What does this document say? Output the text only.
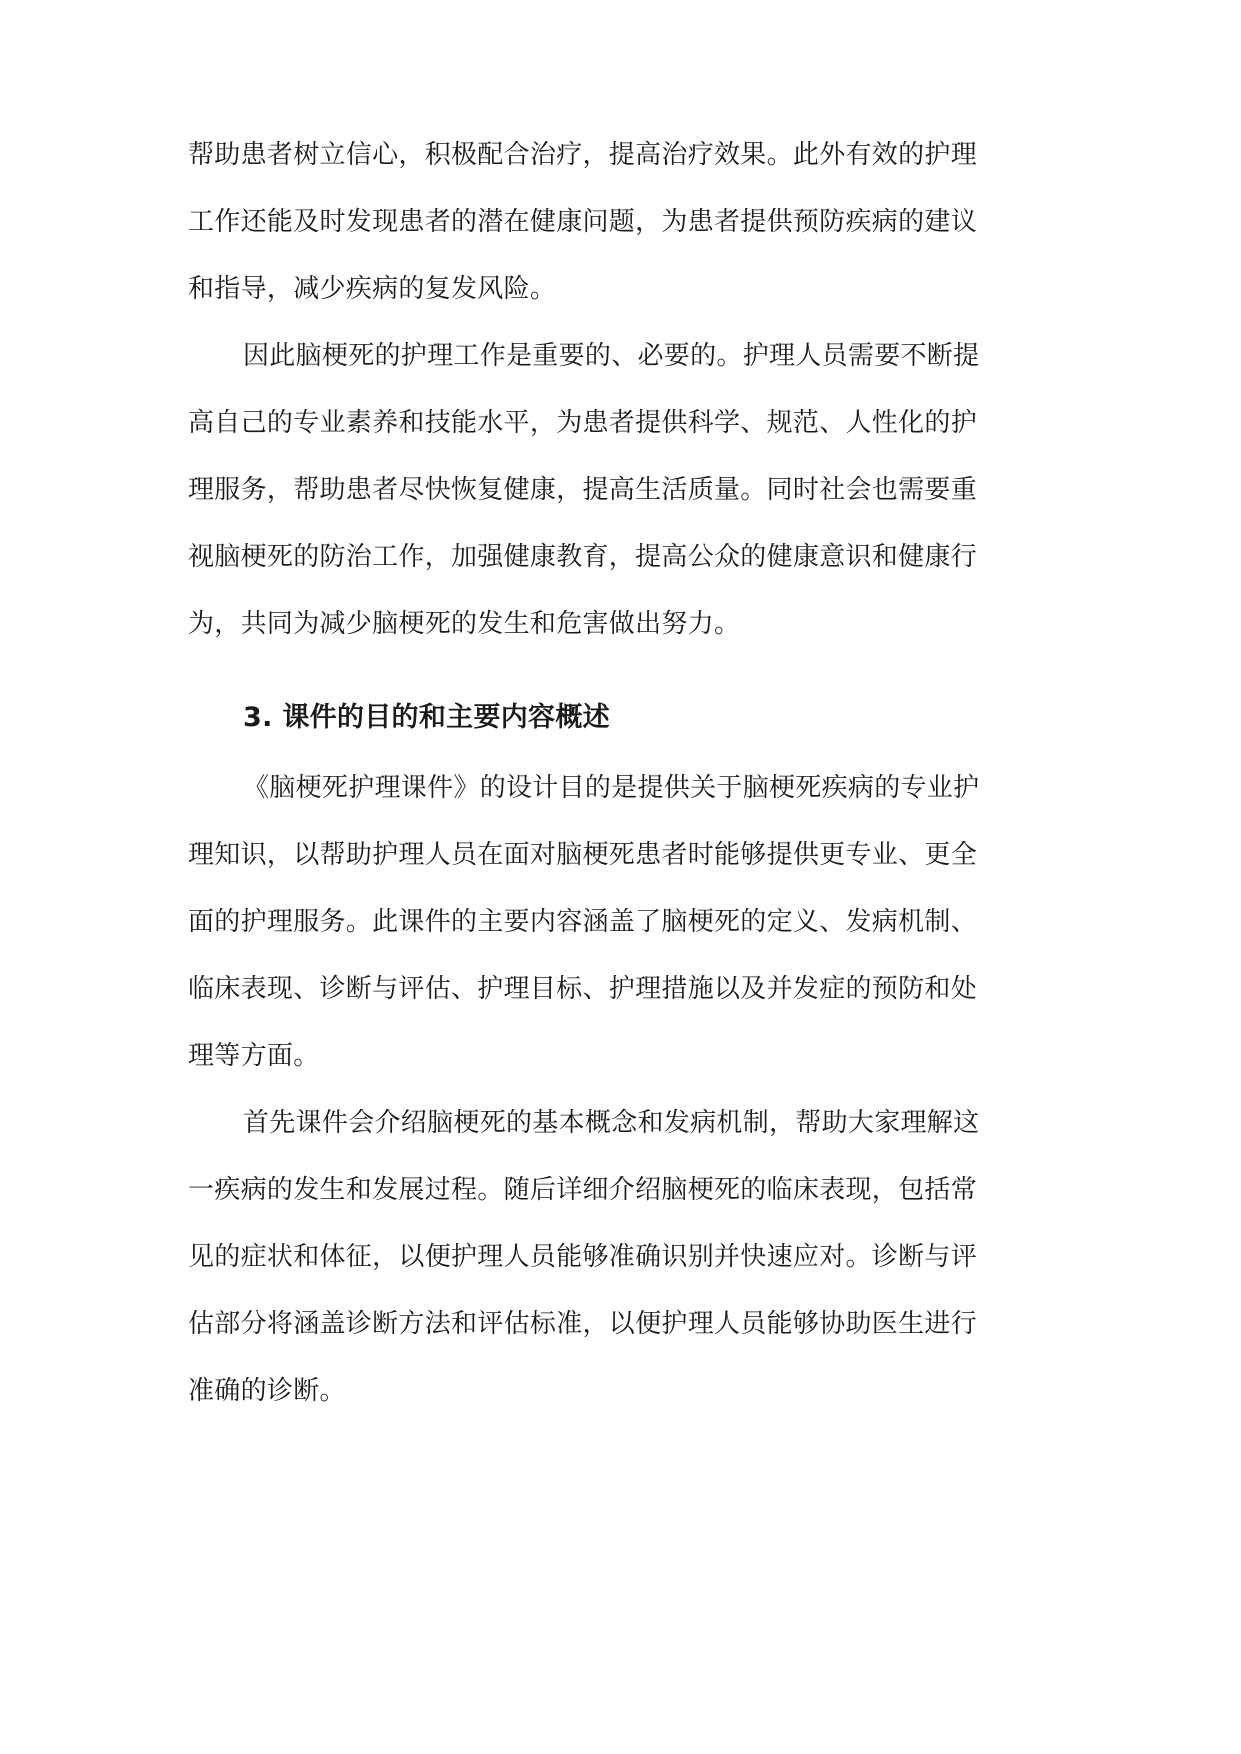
帮助患者树立信心，积极配合治疗，提高治疗效果。此外有效的护理
工作还能及时发现患者的潜在健康问题，为患者提供预防疾病的建议
和指导，减少疾病的复发风险。
因此脑梗死的护理工作是重要的、必要的。护理人员需要不断提
高自己的专业素养和技能水平，为患者提供科学、规范、人性化的护
理服务，帮助患者尽快恢复健康，提高生活质量。同时社会也需要重
视脑梗死的防治工作，加强健康教育，提高公众的健康意识和健康行
为，共同为减少脑梗死的发生和危害做出努力。
3. 课件的目的和主要内容概述
《脑梗死护理课件》的设计目的是提供关于脑梗死疾病的专业护
理知识，以帮助护理人员在面对脑梗死患者时能够提供更专业、更全
面的护理服务。此课件的主要内容涵盖了脑梗死的定义、发病机制、
临床表现、诊断与评估、护理目标、护理措施以及并发症的预防和处
理等方面。
首先课件会介绍脑梗死的基本概念和发病机制，帮助大家理解这
一疾病的发生和发展过程。随后详细介绍脑梗死的临床表现，包括常
见的症状和体征，以便护理人员能够准确识别并快速应对。诊断与评
估部分将涵盖诊断方法和评估标准，以便护理人员能够协助医生进行
准确的诊断。
